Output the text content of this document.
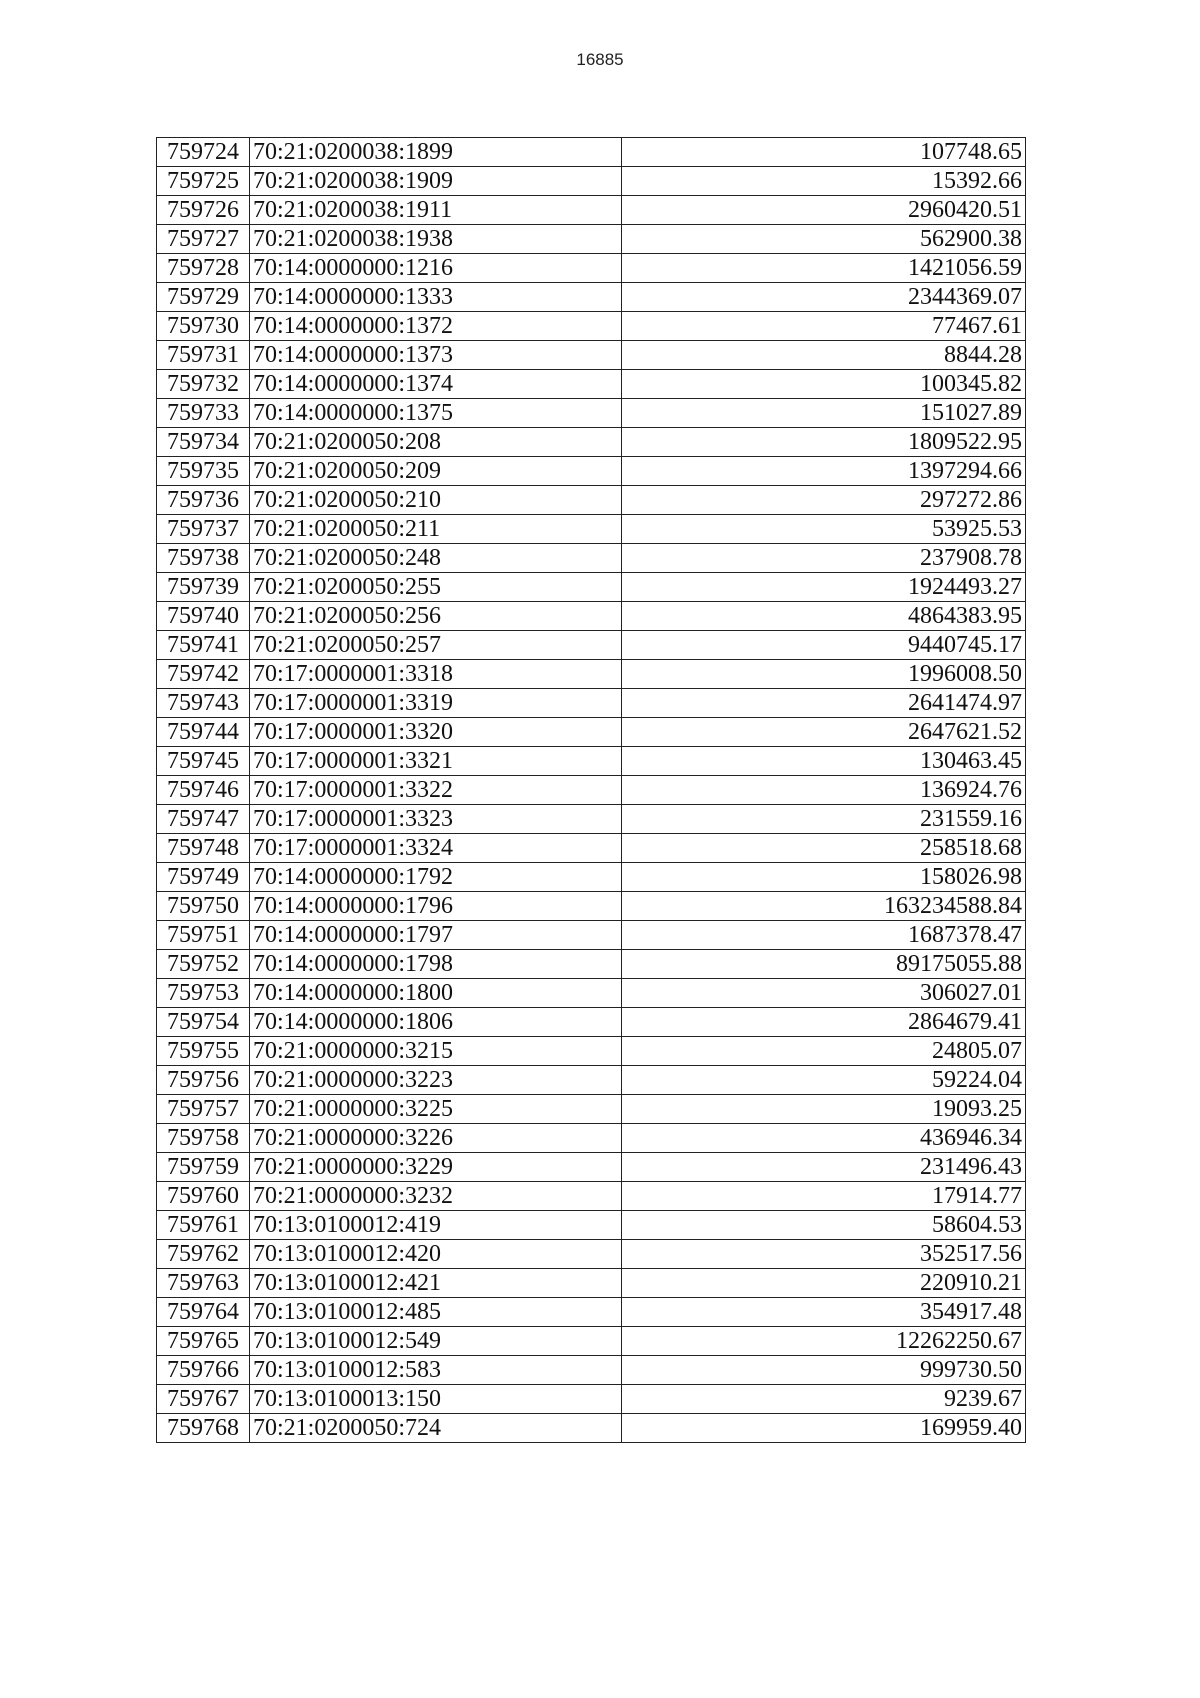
16885
759724	70:21:0200038:1899	107748.65
759725	70:21:0200038:1909	15392.66
759726	70:21:0200038:1911	2960420.51
759727	70:21:0200038:1938	562900.38
759728	70:14:0000000:1216	1421056.59
759729	70:14:0000000:1333	2344369.07
759730	70:14:0000000:1372	77467.61
759731	70:14:0000000:1373	8844.28
759732	70:14:0000000:1374	100345.82
759733	70:14:0000000:1375	151027.89
759734	70:21:0200050:208	1809522.95
759735	70:21:0200050:209	1397294.66
759736	70:21:0200050:210	297272.86
759737	70:21:0200050:211	53925.53
759738	70:21:0200050:248	237908.78
759739	70:21:0200050:255	1924493.27
759740	70:21:0200050:256	4864383.95
759741	70:21:0200050:257	9440745.17
759742	70:17:0000001:3318	1996008.50
759743	70:17:0000001:3319	2641474.97
759744	70:17:0000001:3320	2647621.52
759745	70:17:0000001:3321	130463.45
759746	70:17:0000001:3322	136924.76
759747	70:17:0000001:3323	231559.16
759748	70:17:0000001:3324	258518.68
759749	70:14:0000000:1792	158026.98
759750	70:14:0000000:1796	163234588.84
759751	70:14:0000000:1797	1687378.47
759752	70:14:0000000:1798	89175055.88
759753	70:14:0000000:1800	306027.01
759754	70:14:0000000:1806	2864679.41
759755	70:21:0000000:3215	24805.07
759756	70:21:0000000:3223	59224.04
759757	70:21:0000000:3225	19093.25
759758	70:21:0000000:3226	436946.34
759759	70:21:0000000:3229	231496.43
759760	70:21:0000000:3232	17914.77
759761	70:13:0100012:419	58604.53
759762	70:13:0100012:420	352517.56
759763	70:13:0100012:421	220910.21
759764	70:13:0100012:485	354917.48
759765	70:13:0100012:549	12262250.67
759766	70:13:0100012:583	999730.50
759767	70:13:0100013:150	9239.67
759768	70:21:0200050:724	169959.40
